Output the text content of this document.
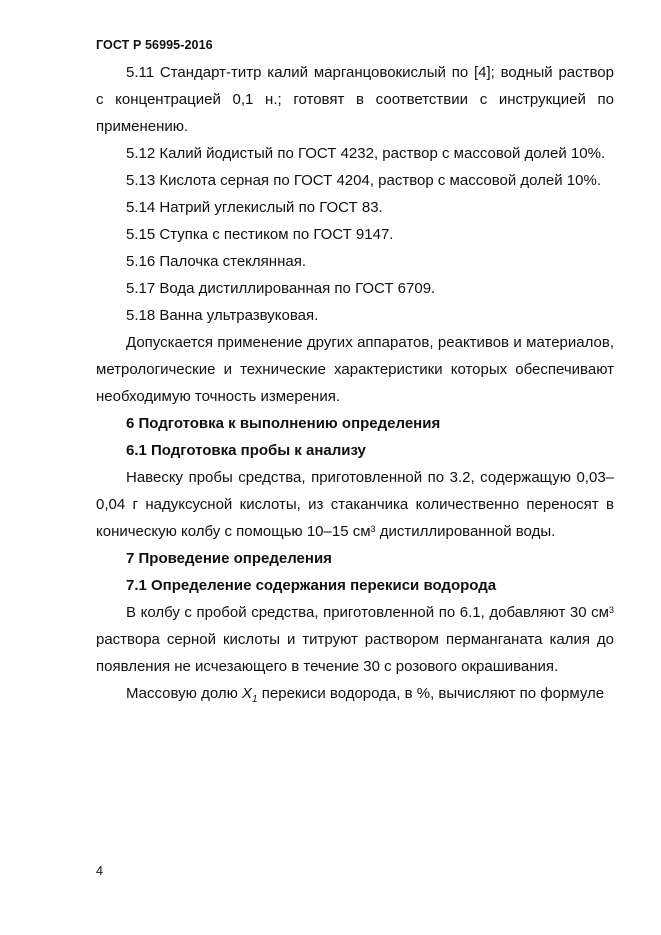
ГОСТ Р 56995-2016

5.11 Стандарт-титр калий марганцовокислый по [4]; водный раствор с концентрацией 0,1 н.; готовят в соответствии с инструкцией по применению.

5.12 Калий йодистый по ГОСТ 4232, раствор с массовой долей 10%.

5.13 Кислота серная по ГОСТ 4204, раствор с массовой долей 10%.

5.14 Натрий углекислый по ГОСТ 83.

5.15 Ступка с пестиком по ГОСТ 9147.

5.16 Палочка стеклянная.

5.17 Вода дистиллированная по ГОСТ 6709.

5.18 Ванна ультразвуковая.

Допускается применение других аппаратов, реактивов и материалов, метрологические и технические характеристики которых обеспечивают необходимую точность измерения.

6 Подготовка к выполнению определения

6.1 Подготовка пробы к анализу

Навеску пробы средства, приготовленной по 3.2, содержащую 0,03–0,04 г надуксусной кислоты, из стаканчика количественно переносят в коническую колбу с помощью 10–15 $см^3$ дистиллированной воды.

7 Проведение определения

7.1 Определение содержания перекиси водорода

В колбу с пробой средства, приготовленной по 6.1, добавляют 30 $см^3$ раствора серной кислоты и титруют раствором перманганата калия до появления не исчезающего в течение 30 с розового окрашивания.

Массовую долю $X_1$ перекиси водорода, в %, вычисляют по формуле

4
